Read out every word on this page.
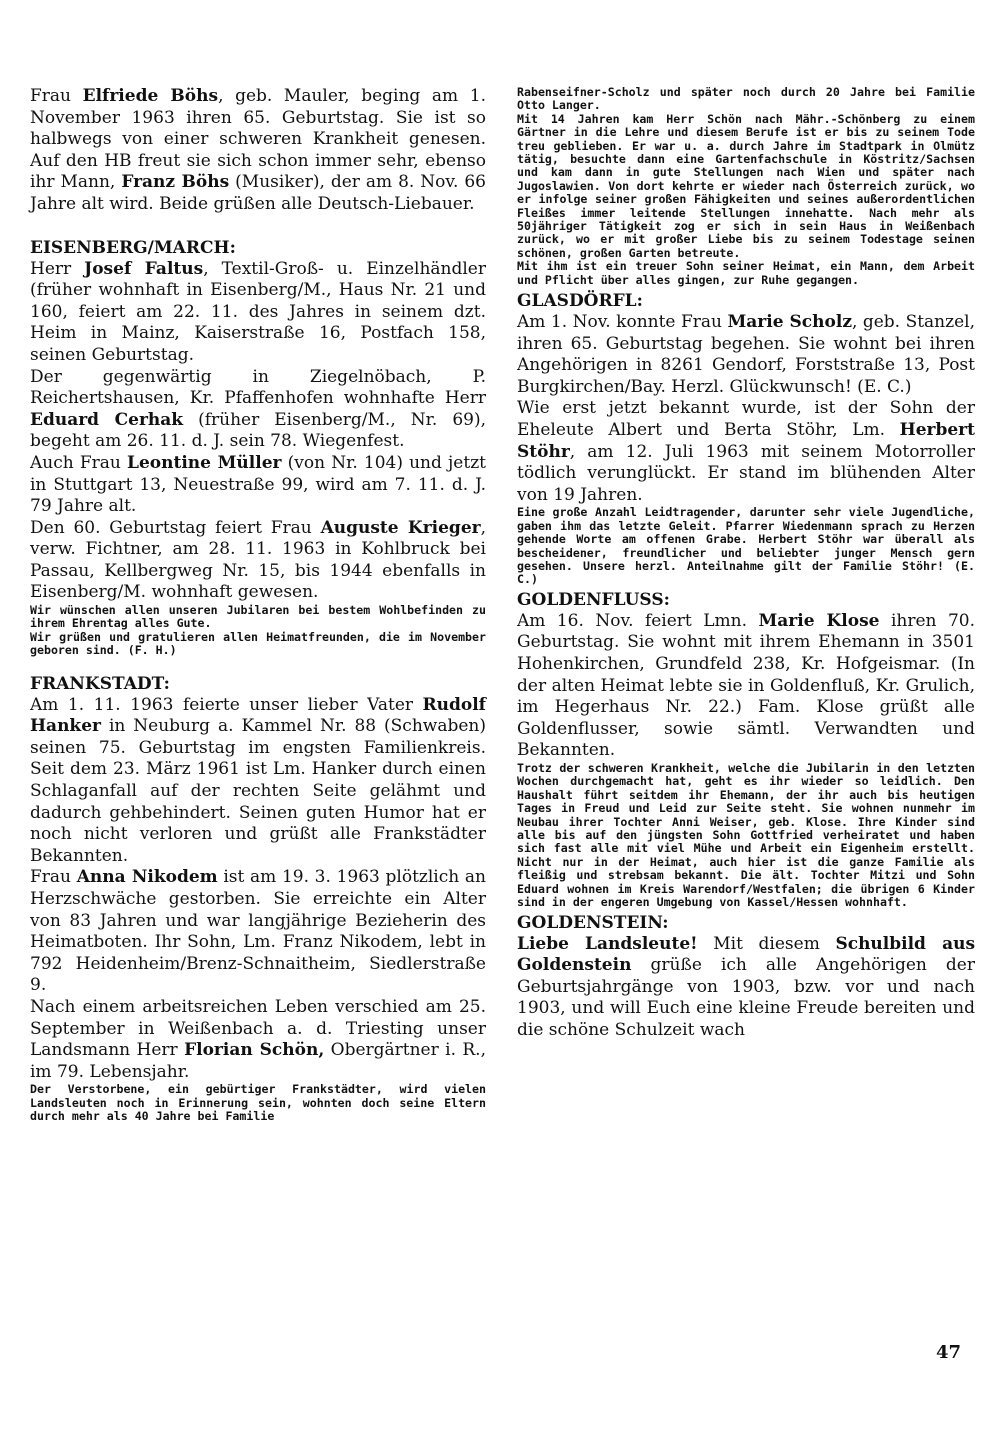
Frau Elfriede Böhs, geb. Mauler, beging am 1. November 1963 ihren 65. Geburtstag. Sie ist so halbwegs von einer schweren Krankheit genesen. Auf den HB freut sie sich schon immer sehr, ebenso ihr Mann, Franz Böhs (Musiker), der am 8. Nov. 66 Jahre alt wird. Beide grüßen alle Deutsch-Liebauer.

EISENBERG/MARCH:

Herr Josef Faltus, Textil-Groß- u. Einzelhändler (früher wohnhaft in Eisenberg/M., Haus Nr. 21 und 160, feiert am 22. 11. des Jahres in seinem dzt. Heim in Mainz, Kaiserstraße 16, Postfach 158, seinen Geburtstag.

Der gegenwärtig in Ziegelnöbach, P. Reichertshausen, Kr. Pfaffenhofen wohnhafte Herr Eduard Cerhak (früher Eisenberg/M., Nr. 69), begeht am 26. 11. d. J. sein 78. Wiegenfest.

Auch Frau Leontine Müller (von Nr. 104) und jetzt in Stuttgart 13, Neuestraße 99, wird am 7. 11. d. J. 79 Jahre alt.

Den 60. Geburtstag feiert Frau Auguste Krieger, verw. Fichtner, am 28. 11. 1963 in Kohlbruck bei Passau, Kellbergweg Nr. 15, bis 1944 ebenfalls in Eisenberg/M. wohnhaft gewesen.

Wir wünschen allen unseren Jubilaren bei bestem Wohlbefinden zu ihrem Ehrentag alles Gute.

Wir grüßen und gratulieren allen Heimatfreunden, die im November geboren sind. (F. H.)

FRANKSTADT:

Am 1. 11. 1963 feierte unser lieber Vater Rudolf Hanker in Neuburg a. Kammel Nr. 88 (Schwaben) seinen 75. Geburtstag im engsten Familienkreis. Seit dem 23. März 1961 ist Lm. Hanker durch einen Schlaganfall auf der rechten Seite gelähmt und dadurch gehbehindert. Seinen guten Humor hat er noch nicht verloren und grüßt alle Frankstädter Bekannten.

Frau Anna Nikodem ist am 19. 3. 1963 plötzlich an Herzschwäche gestorben. Sie erreichte ein Alter von 83 Jahren und war langjährige Bezieherin des Heimatboten. Ihr Sohn, Lm. Franz Nikodem, lebt in 792 Heidenheim/Brenz-Schnaitheim, Siedlerstraße 9.

Nach einem arbeitsreichen Leben verschied am 25. September in Weißenbach a. d. Triesting unser Landsmann Herr Florian Schön, Obergärtner i. R., im 79. Lebensjahr.

Der Verstorbene, ein gebürtiger Frankstädter, wird vielen Landsleuten noch in Erinnerung sein, wohnten doch seine Eltern durch mehr als 40 Jahre bei Familie

Rabenseifner-Scholz und später noch durch 20 Jahre bei Familie Otto Langer.

Mit 14 Jahren kam Herr Schön nach Mähr.-Schönberg zu einem Gärtner in die Lehre und diesem Berufe ist er bis zu seinem Tode treu geblieben. Er war u. a. durch Jahre im Stadtpark in Olmütz tätig, besuchte dann eine Gartenfachschule in Köstritz/Sachsen und kam dann in gute Stellungen nach Wien und später nach Jugoslawien. Von dort kehrte er wieder nach Österreich zurück, wo er infolge seiner großen Fähigkeiten und seines außerordentlichen Fleißes immer leitende Stellungen innehatte. Nach mehr als 50jähriger Tätigkeit zog er sich in sein Haus in Weißenbach zurück, wo er mit großer Liebe bis zu seinem Todestage seinen schönen, großen Garten betreute.

Mit ihm ist ein treuer Sohn seiner Heimat, ein Mann, dem Arbeit und Pflicht über alles gingen, zur Ruhe gegangen.

GLASDÖRFL:

Am 1. Nov. konnte Frau Marie Scholz, geb. Stanzel, ihren 65. Geburtstag begehen. Sie wohnt bei ihren Angehörigen in 8261 Gendorf, Forststraße 13, Post Burgkirchen/Bay. Herzl. Glückwunsch! (E. C.)

Wie erst jetzt bekannt wurde, ist der Sohn der Eheleute Albert und Berta Stöhr, Lm. Herbert Stöhr, am 12. Juli 1963 mit seinem Motorroller tödlich verunglückt. Er stand im blühenden Alter von 19 Jahren.

Eine große Anzahl Leidtragender, darunter sehr viele Jugendliche, gaben ihm das letzte Geleit. Pfarrer Wiedenmann sprach zu Herzen gehende Worte am offenen Grabe. Herbert Stöhr war überall als bescheidener, freundlicher und beliebter junger Mensch gern gesehen. Unsere herzl. Anteilnahme gilt der Familie Stöhr! (E. C.)

GOLDENFLUSS:

Am 16. Nov. feiert Lmn. Marie Klose ihren 70. Geburtstag. Sie wohnt mit ihrem Ehemann in 3501 Hohenkirchen, Grundfeld 238, Kr. Hofgeismar. (In der alten Heimat lebte sie in Goldenfluß, Kr. Grulich, im Hegerhaus Nr. 22.) Fam. Klose grüßt alle Goldenflusser, sowie sämtl. Verwandten und Bekannten.

Trotz der schweren Krankheit, welche die Jubilarin in den letzten Wochen durchgemacht hat, geht es ihr wieder so leidlich. Den Haushalt führt seitdem ihr Ehemann, der ihr auch bis heutigen Tages in Freud und Leid zur Seite steht. Sie wohnen nunmehr im Neubau ihrer Tochter Anni Weiser, geb. Klose. Ihre Kinder sind alle bis auf den jüngsten Sohn Gottfried verheiratet und haben sich fast alle mit viel Mühe und Arbeit ein Eigenheim erstellt. Nicht nur in der Heimat, auch hier ist die ganze Familie als fleißig und strebsam bekannt. Die ält. Tochter Mitzi und Sohn Eduard wohnen im Kreis Warendorf/Westfalen; die übrigen 6 Kinder sind in der engeren Umgebung von Kassel/Hessen wohnhaft.

GOLDENSTEIN:

Liebe Landsleute! Mit diesem Schulbild aus Goldenstein grüße ich alle Angehörigen der Geburtsjahrgänge von 1903, bzw. vor und nach 1903, und will Euch eine kleine Freude bereiten und die schöne Schulzeit wach

47
